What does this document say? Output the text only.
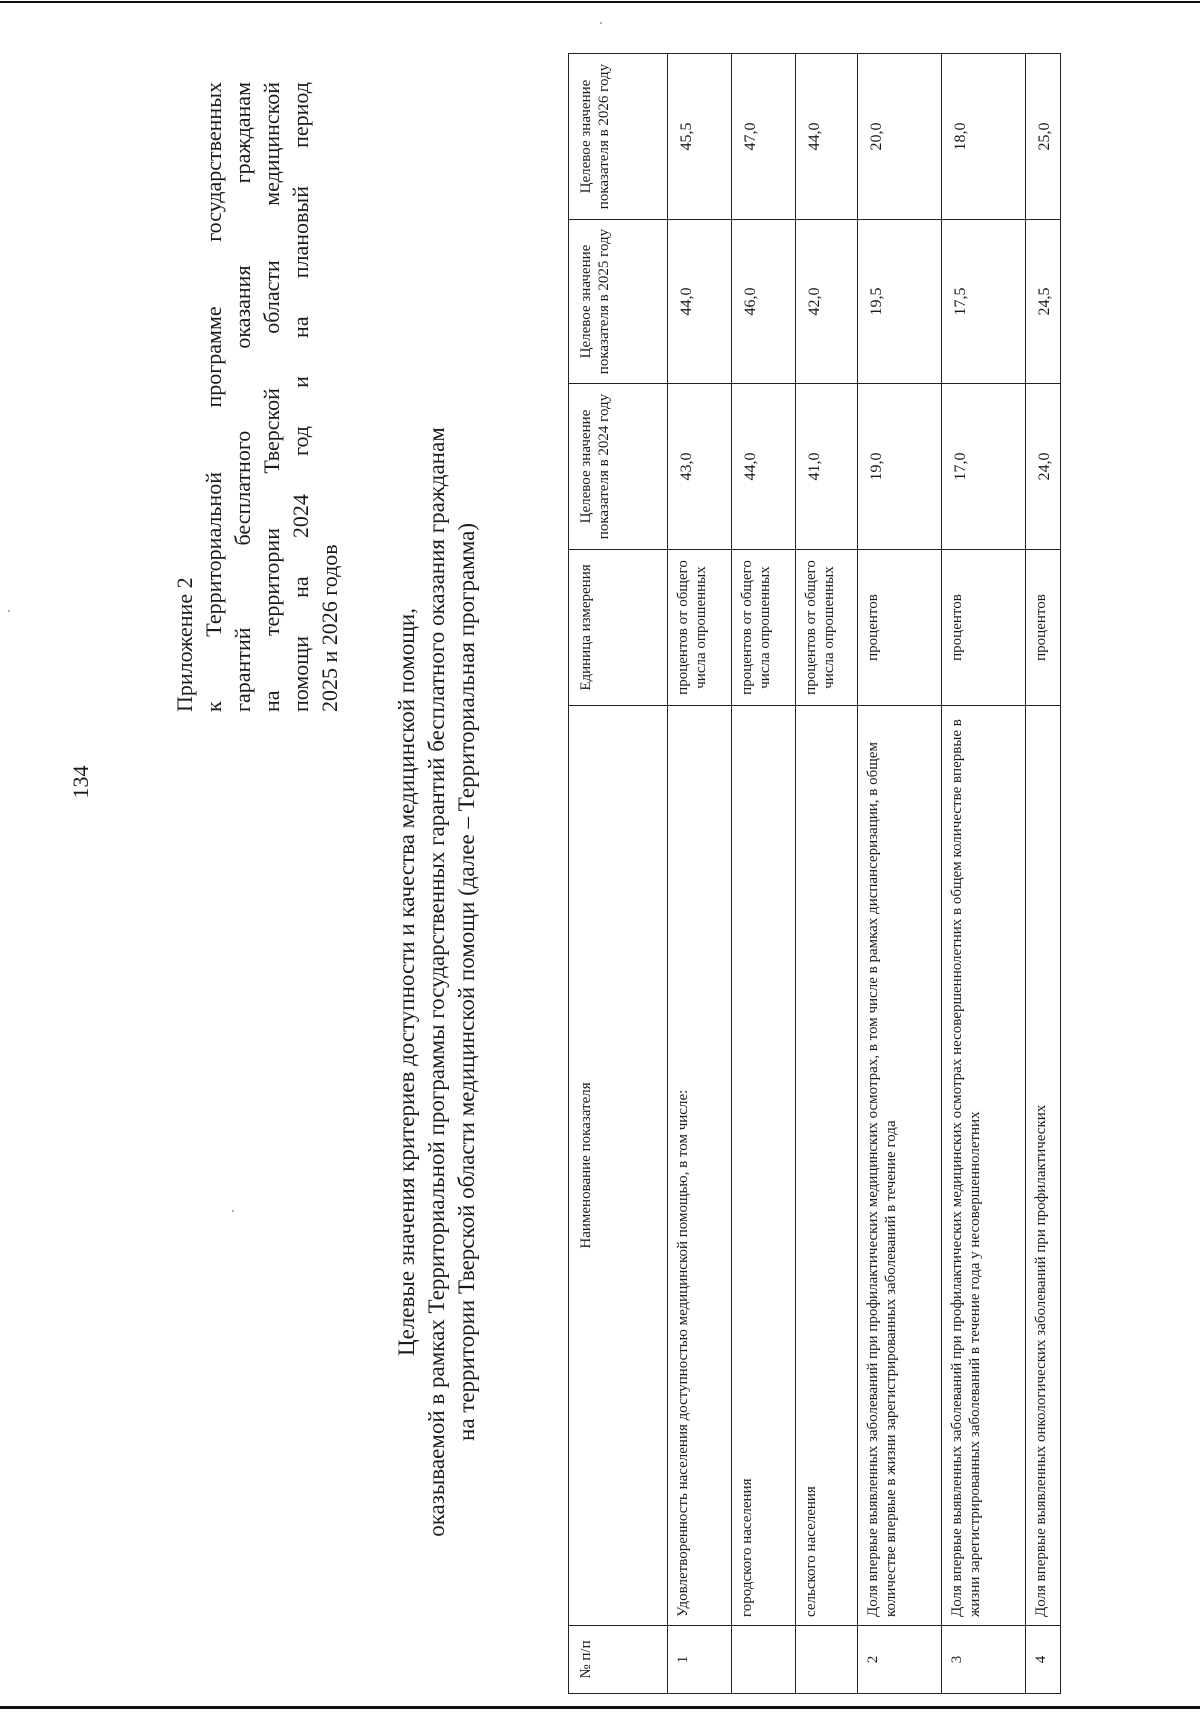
134
Приложение 2 к Территориальной программе государственных гарантий бесплатного оказания гражданам на территории Тверской области медицинской помощи на 2024 год и на плановый период 2025 и 2026 годов Целевые значения критериев доступности и качества медицинской помощи, оказываемой в рамках Территориальной программы государственных гарантий бесплатного оказания гражданам на территории Тверской области медицинской помощи (далее – Территориальная программа)
№ п/п	Наименование показателя	Единица измерения	Целевое значение показателя в 2024 году	Целевое значение показателя в 2025 году	Целевое значение показателя в 2026 году
1	Удовлетворенность населения доступностью медицинской помощью, в том числе:	процентов от общего числа опрошенных	43,0	44,0	45,5
	городского населения	процентов от общего числа опрошенных	44,0	46,0	47,0
	сельского населения	процентов от общего числа опрошенных	41,0	42,0	44,0
2	Доля впервые выявленных заболеваний при профилактических медицинских осмотрах, в том числе в рамках диспансеризации, в общем количестве впервые в жизни зарегистрированных заболеваний в течение года	процентов	19,0	19,5	20,0
3	Доля впервые выявленных заболеваний при профилактических медицинских осмотрах несовершеннолетних в общем количестве впервые в жизни зарегистрированных заболеваний в течение года у несовершеннолетних	процентов	17,0	17,5	18,0
4	Доля впервые выявленных онкологических заболеваний при профилактических	процентов	24,0	24,5	25,0
